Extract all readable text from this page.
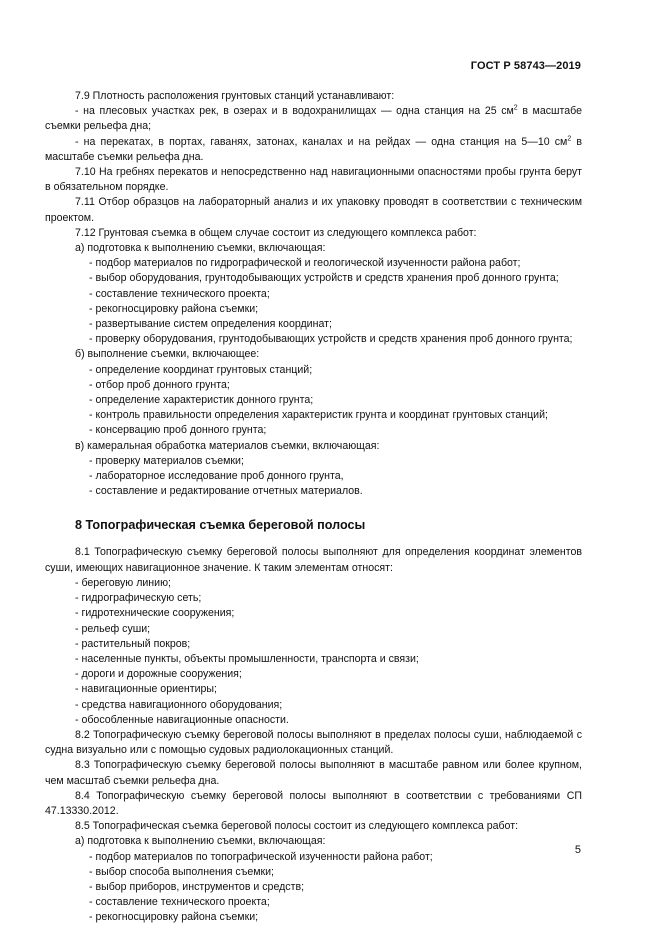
ГОСТ Р 58743—2019
7.9 Плотность расположения грунтовых станций устанавливают:
- на плесовых участках рек, в озерах и в водохранилищах — одна станция на 25 $см^2$ в масштабе съемки рельефа дна;
- на перекатах, в портах, гаванях, затонах, каналах и на рейдах — одна станция на 5—10 $см^2$ в масштабе съемки рельефа дна.
7.10 На гребнях перекатов и непосредственно над навигационными опасностями пробы грунта берут в обязательном порядке.
7.11 Отбор образцов на лабораторный анализ и их упаковку проводят в соответствии с техническим проектом.
7.12 Грунтовая съемка в общем случае состоит из следующего комплекса работ:
а) подготовка к выполнению съемки, включающая:
- подбор материалов по гидрографической и геологической изученности района работ;
- выбор оборудования, грунтодобывающих устройств и средств хранения проб донного грунта;
- составление технического проекта;
- рекогносцировку района съемки;
- развертывание систем определения координат;
- проверку оборудования, грунтодобывающих устройств и средств хранения проб донного грунта;
б) выполнение съемки, включающее:
- определение координат грунтовых станций;
- отбор проб донного грунта;
- определение характеристик донного грунта;
- контроль правильности определения характеристик грунта и координат грунтовых станций;
- консервацию проб донного грунта;
в) камеральная обработка материалов съемки, включающая:
- проверку материалов съемки;
- лабораторное исследование проб донного грунта,
- составление и редактирование отчетных материалов.
8 Топографическая съемка береговой полосы
8.1 Топографическую съемку береговой полосы выполняют для определения координат элементов суши, имеющих навигационное значение. К таким элементам относят:
- береговую линию;
- гидрографическую сеть;
- гидротехнические сооружения;
- рельеф суши;
- растительный покров;
- населенные пункты, объекты промышленности, транспорта и связи;
- дороги и дорожные сооружения;
- навигационные ориентиры;
- средства навигационного оборудования;
- обособленные навигационные опасности.
8.2 Топографическую съемку береговой полосы выполняют в пределах полосы суши, наблюдаемой с судна визуально или с помощью судовых радиолокационных станций.
8.3 Топографическую съемку береговой полосы выполняют в масштабе равном или более крупном, чем масштаб съемки рельефа дна.
8.4 Топографическую съемку береговой полосы выполняют в соответствии с требованиями СП 47.13330.2012.
8.5 Топографическая съемка береговой полосы состоит из следующего комплекса работ:
а) подготовка к выполнению съемки, включающая:
- подбор материалов по топографической изученности района работ;
- выбор способа выполнения съемки;
- выбор приборов, инструментов и средств;
- составление технического проекта;
- рекогносцировку района съемки;
5
